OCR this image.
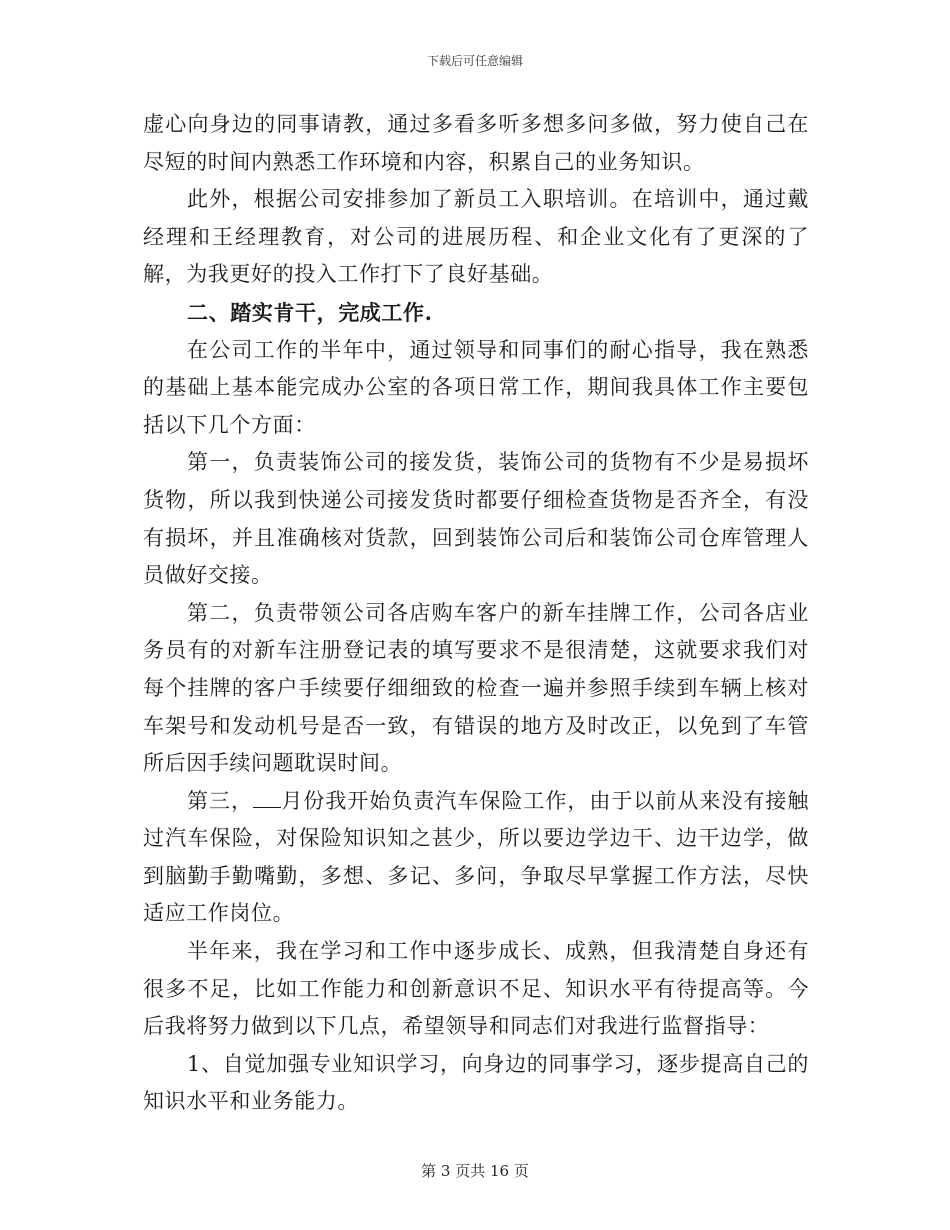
下载后可任意编辑

虚心向身边的同事请教，通过多看多听多想多问多做，努力使自己在尽短的时间内熟悉工作环境和内容，积累自己的业务知识。

此外，根据公司安排参加了新员工入职培训。在培训中，通过戴经理和王经理教育，对公司的进展历程、和企业文化有了更深的了解，为我更好的投入工作打下了良好基础。

二、踏实肯干，完成工作.

在公司工作的半年中，通过领导和同事们的耐心指导，我在熟悉的基础上基本能完成办公室的各项日常工作，期间我具体工作主要包括以下几个方面：

第一，负责装饰公司的接发货，装饰公司的货物有不少是易损坏货物，所以我到快递公司接发货时都要仔细检查货物是否齐全，有没有损坏，并且准确核对货款，回到装饰公司后和装饰公司仓库管理人员做好交接。

第二，负责带领公司各店购车客户的新车挂牌工作，公司各店业务员有的对新车注册登记表的填写要求不是很清楚，这就要求我们对每个挂牌的客户手续要仔细细致的检查一遍并参照手续到车辆上核对车架号和发动机号是否一致，有错误的地方及时改正，以免到了车管所后因手续问题耽误时间。

第三， 月份我开始负责汽车保险工作，由于以前从来没有接触过汽车保险，对保险知识知之甚少，所以要边学边干、边干边学，做到脑勤手勤嘴勤，多想、多记、多问，争取尽早掌握工作方法，尽快适应工作岗位。

半年来，我在学习和工作中逐步成长、成熟，但我清楚自身还有很多不足，比如工作能力和创新意识不足、知识水平有待提高等。今后我将努力做到以下几点，希望领导和同志们对我进行监督指导：

1、自觉加强专业知识学习，向身边的同事学习，逐步提高自己的知识水平和业务能力。

第 3 页共 16 页
